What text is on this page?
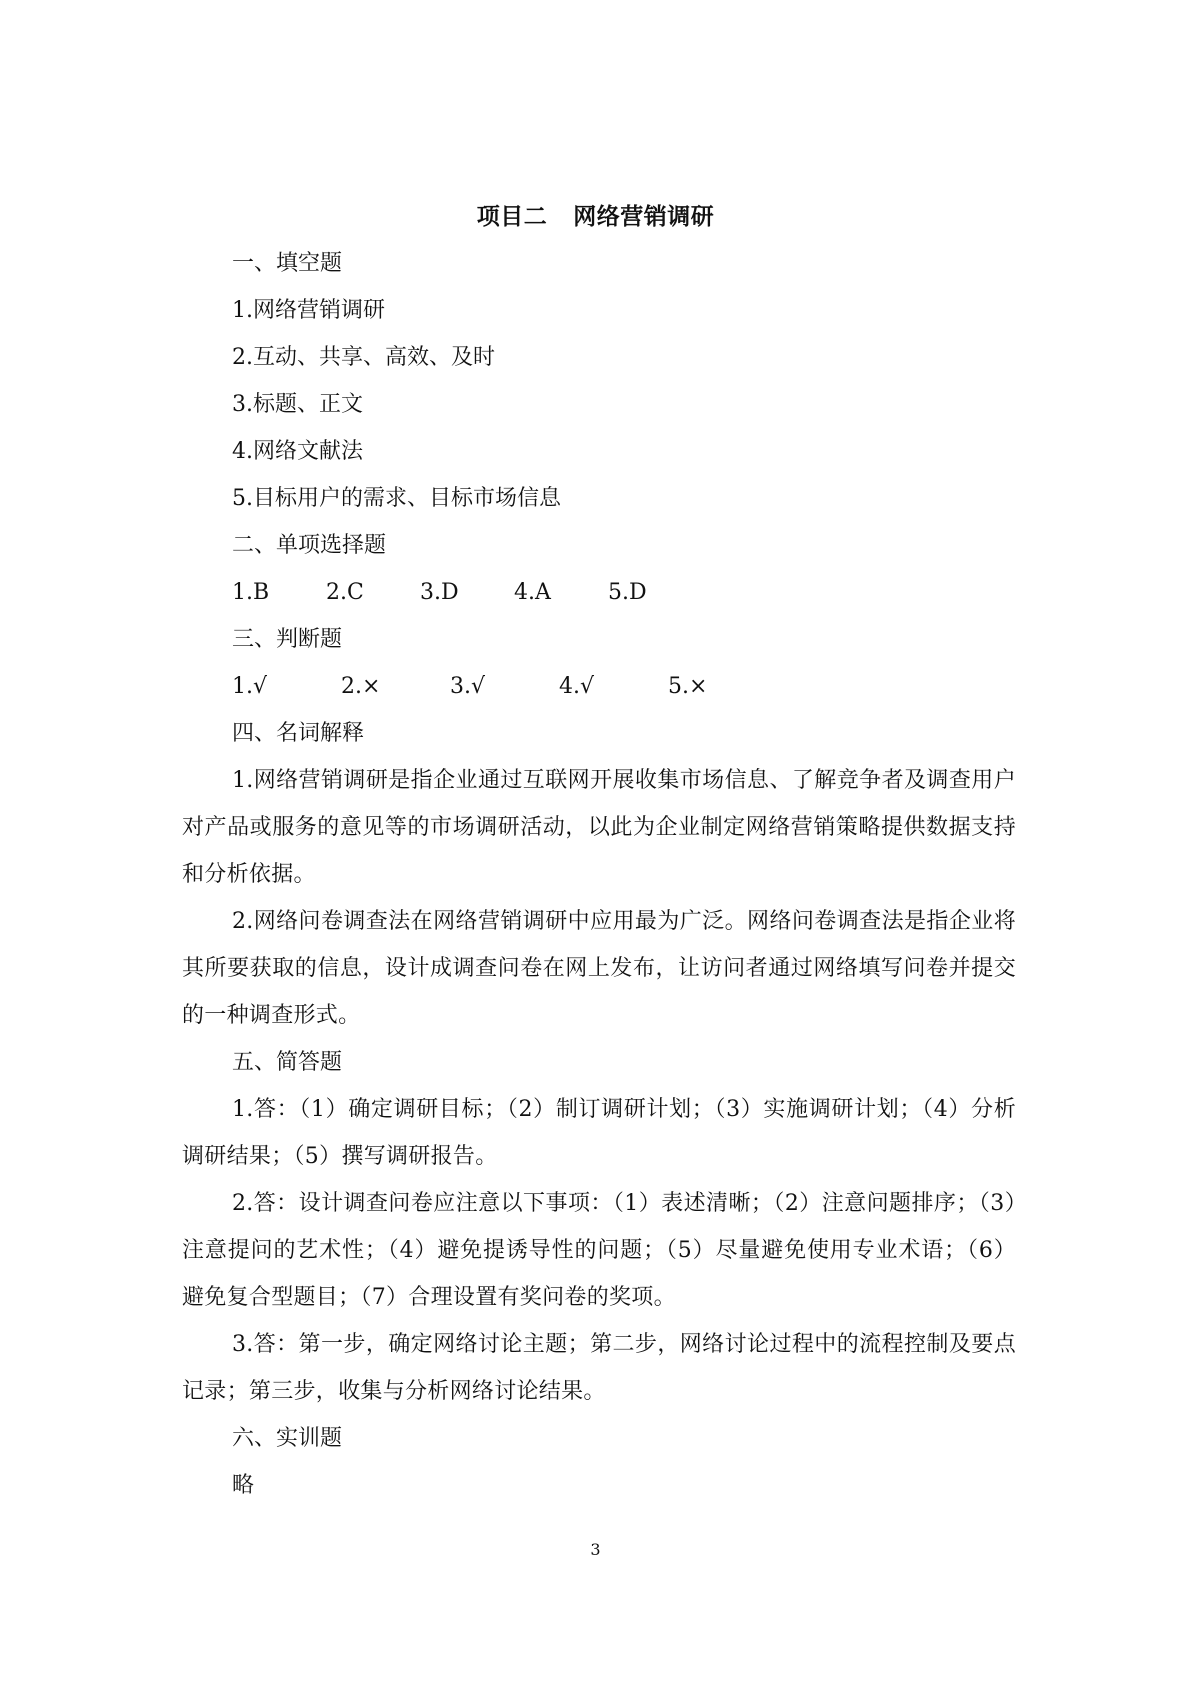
项目二 网络营销调研

一、填空题

1.网络营销调研

2.互动、共享、高效、及时

3.标题、正文

4.网络文献法

5.目标用户的需求、目标市场信息

二、单项选择题

1.B	2.C	3.D	4.A	5.D

三、判断题

1.√	2.×	3.√	4.√	5.×

四、名词解释

1.网络营销调研是指企业通过互联网开展收集市场信息、了解竞争者及调查用户对产品或服务的意见等的市场调研活动，以此为企业制定网络营销策略提供数据支持和分析依据。

2.网络问卷调查法在网络营销调研中应用最为广泛。网络问卷调查法是指企业将其所要获取的信息，设计成调查问卷在网上发布，让访问者通过网络填写问卷并提交的一种调查形式。

五、简答题

1.答：（1）确定调研目标；（2）制订调研计划；（3）实施调研计划；（4）分析调研结果；（5）撰写调研报告。

2.答：设计调查问卷应注意以下事项：（1）表述清晰；（2）注意问题排序；（3）注意提问的艺术性；（4）避免提诱导性的问题；（5）尽量避免使用专业术语；（6）避免复合型题目；（7）合理设置有奖问卷的奖项。

3.答：第一步，确定网络讨论主题；第二步，网络讨论过程中的流程控制及要点记录；第三步，收集与分析网络讨论结果。

六、实训题

略

3
